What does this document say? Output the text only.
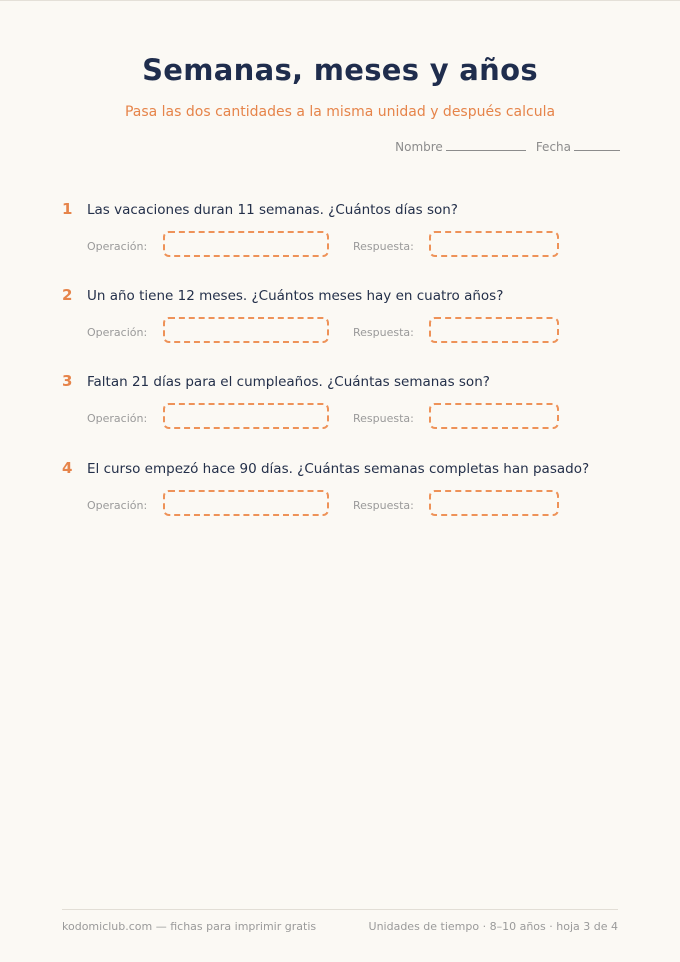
Semanas, meses y años
Pasa las dos cantidades a la misma unidad y después calcula
Nombre	Fecha
1	Las vacaciones duran 11 semanas. ¿Cuántos días son?
Operación:	Respuesta:
2	Un año tiene 12 meses. ¿Cuántos meses hay en cuatro años?
Operación:	Respuesta:
3	Faltan 21 días para el cumpleaños. ¿Cuántas semanas son?
Operación:	Respuesta:
4	El curso empezó hace 90 días. ¿Cuántas semanas completas han pasado?
Operación:	Respuesta:
kodomiclub.com — fichas para imprimir gratis	Unidades de tiempo · 8–10 años · hoja 3 de 4
